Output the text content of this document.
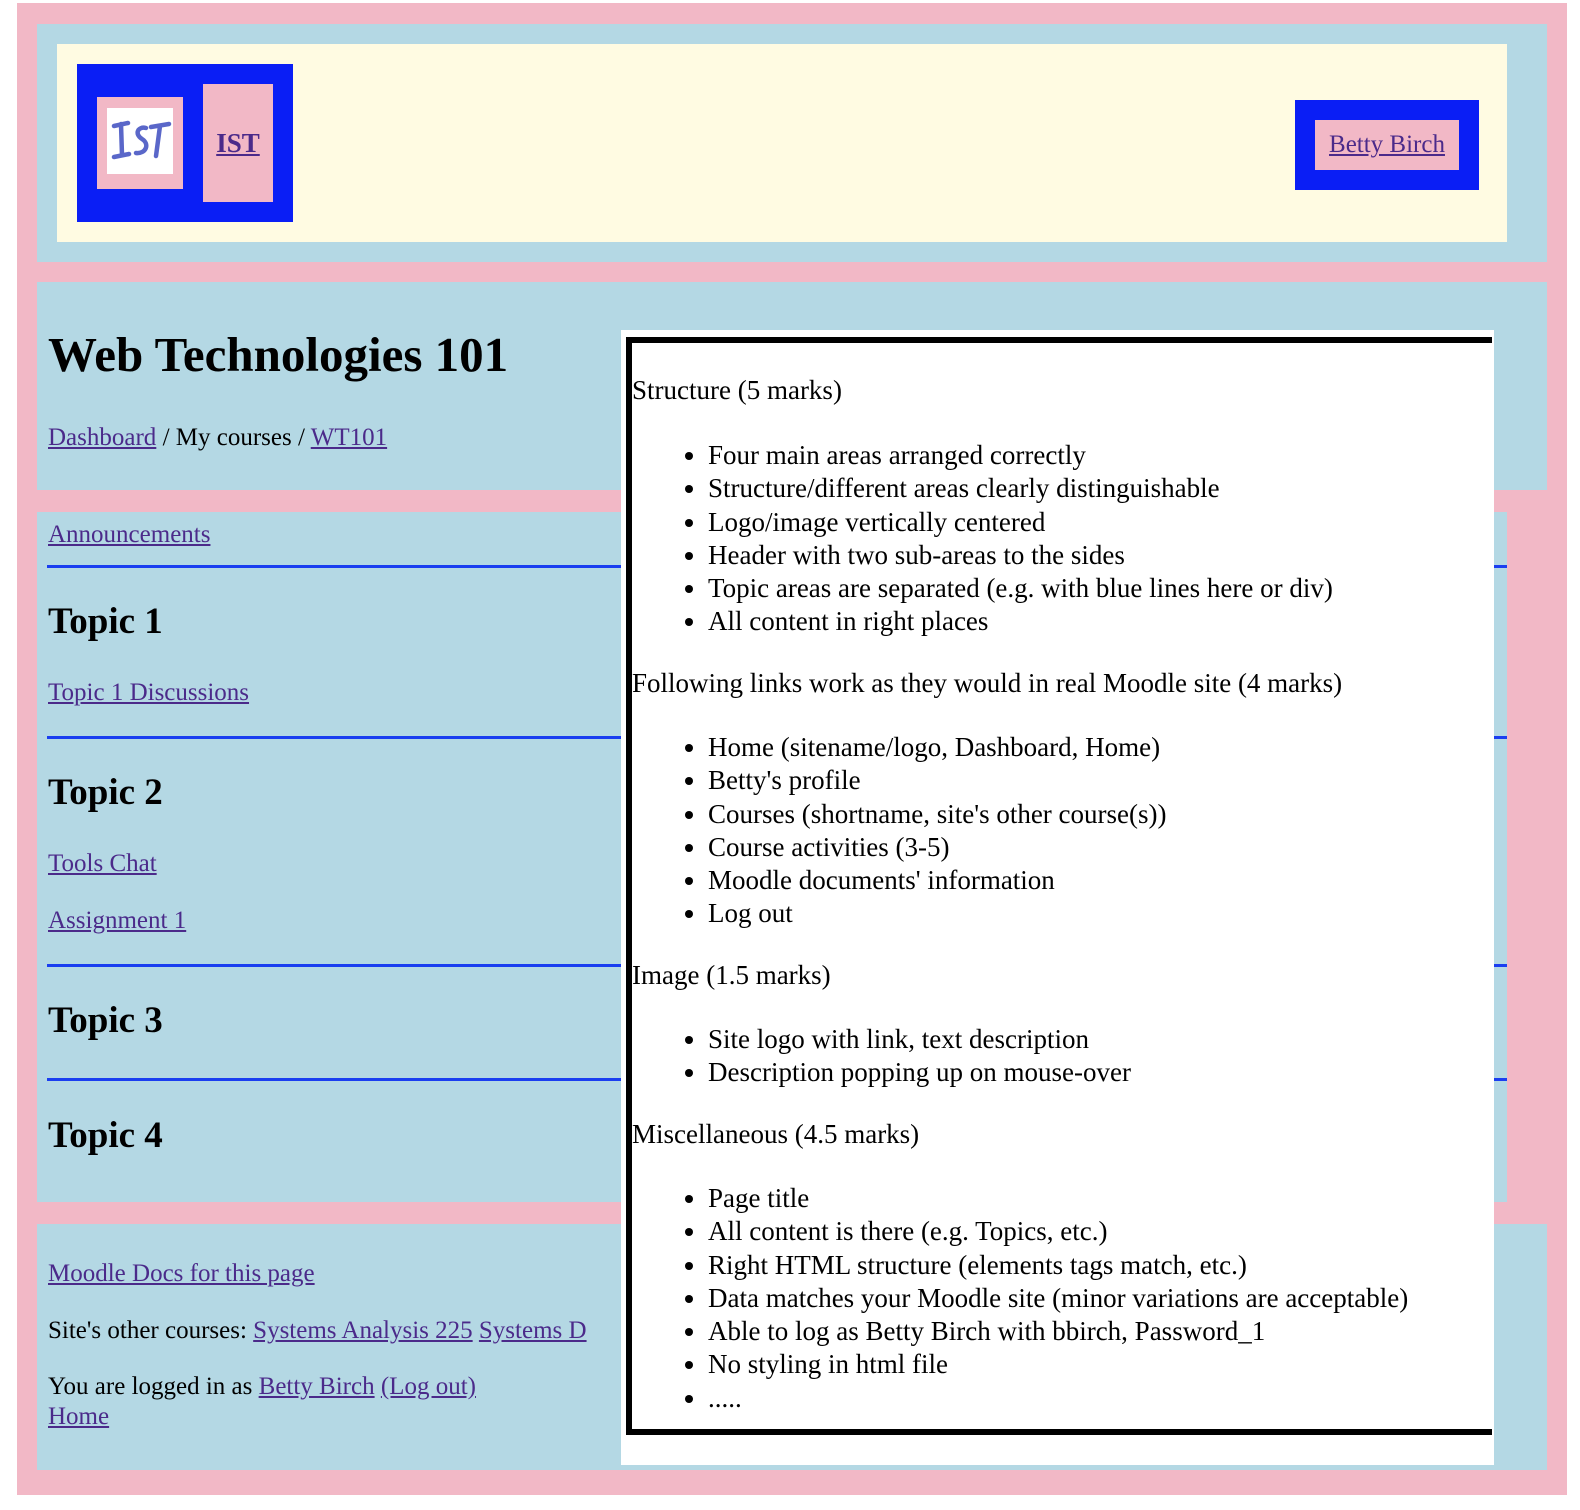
IST	Betty Birch
Web Technologies 101
Dashboard / My courses / WT101
Announcements
Topic 1
Topic 1 Discussions
Topic 2
Tools Chat
Assignment 1
Topic 3
Topic 4
Moodle Docs for this page
Site's other courses: Systems Analysis 225 Systems D
You are logged in as Betty Birch (Log out)
Home
Structure (5 marks)
• Four main areas arranged correctly
• Structure/different areas clearly distinguishable
• Logo/image vertically centered
• Header with two sub-areas to the sides
• Topic areas are separated (e.g. with blue lines here or div)
• All content in right places
Following links work as they would in real Moodle site (4 marks)
• Home (sitename/logo, Dashboard, Home)
• Betty's profile
• Courses (shortname, site's other course(s))
• Course activities (3-5)
• Moodle documents' information
• Log out
Image (1.5 marks)
• Site logo with link, text description
• Description popping up on mouse-over
Miscellaneous (4.5 marks)
• Page title
• All content is there (e.g. Topics, etc.)
• Right HTML structure (elements tags match, etc.)
• Data matches your Moodle site (minor variations are acceptable)
• Able to log as Betty Birch with bbirch, Password_1
• No styling in html file
• .....
